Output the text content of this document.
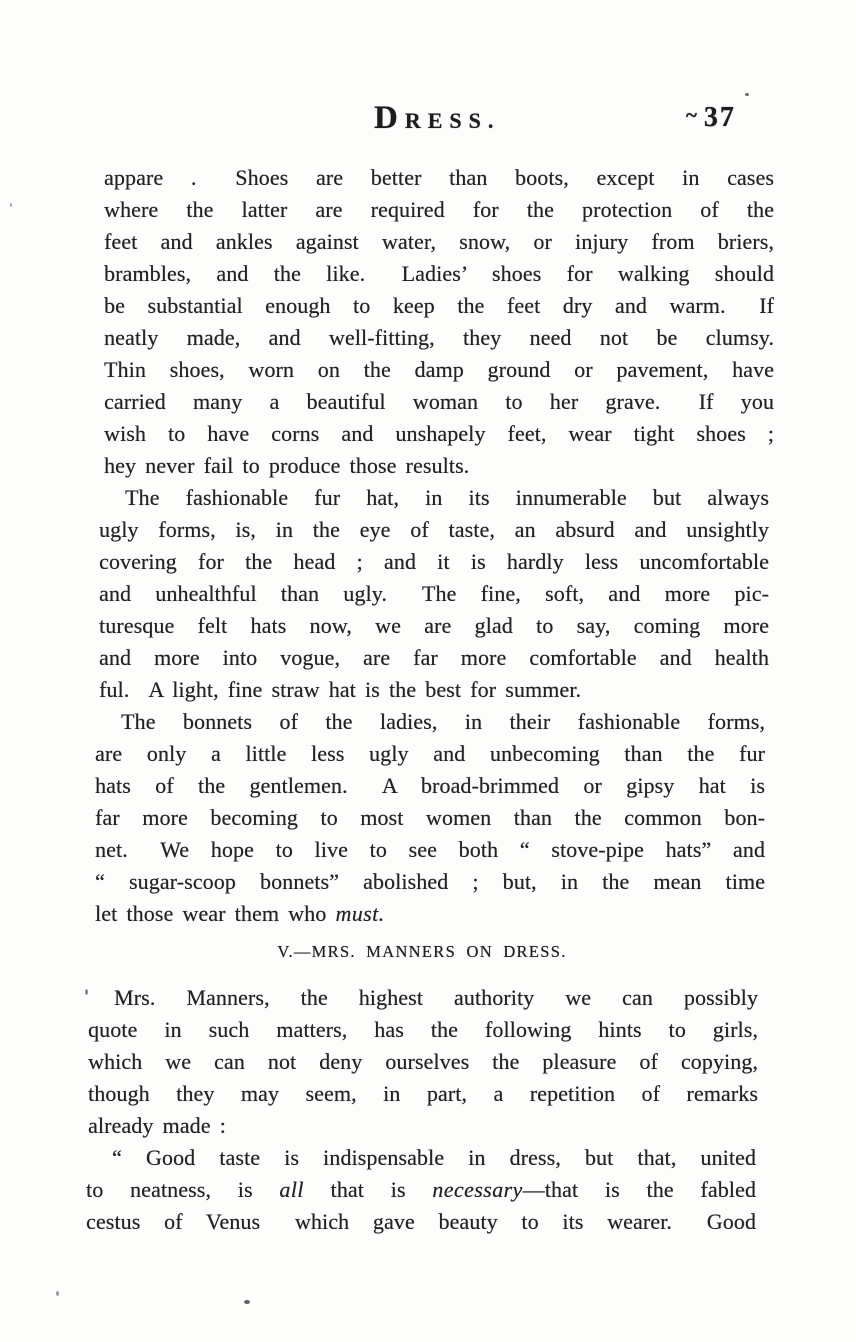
DRESS.	~ 37
appare .  Shoes are better than boots, except in cases
where the latter are required for the protection of the
feet and ankles against water, snow, or injury from briers,
brambles, and the like.  Ladies’ shoes for walking should
be substantial enough to keep the feet dry and warm.  If
neatly made, and well-fitting, they need not be clumsy.
Thin shoes, worn on the damp ground or pavement, have
carried many a beautiful woman to her grave.  If you
wish to have corns and unshapely feet, wear tight shoes ;
hey never fail to produce those results.
The fashionable fur hat, in its innumerable but always
ugly forms, is, in the eye of taste, an absurd and unsightly
covering for the head ; and it is hardly less uncomfortable
and unhealthful than ugly.  The fine, soft, and more pic-
turesque felt hats now, we are glad to say, coming more
and more into vogue, are far more comfortable and health
ful.  A light, fine straw hat is the best for summer.
The bonnets of the ladies, in their fashionable forms,
are only a little less ugly and unbecoming than the fur
hats of the gentlemen.  A broad-brimmed or gipsy hat is
far more becoming to most women than the common bon-
net.  We hope to live to see both “ stove-pipe hats” and
“ sugar-scoop bonnets” abolished ; but, in the mean time
let those wear them who must.
V.—MRS. MANNERS ON DRESS.
Mrs. Manners, the highest authority we can possibly
quote in such matters, has the following hints to girls,
which we can not deny ourselves the pleasure of copying,
though they may seem, in part, a repetition of remarks
already made :
“ Good taste is indispensable in dress, but that, united
to neatness, is all that is necessary—that is the fabled
cestus of Venus  which gave beauty to its wearer.  Good
